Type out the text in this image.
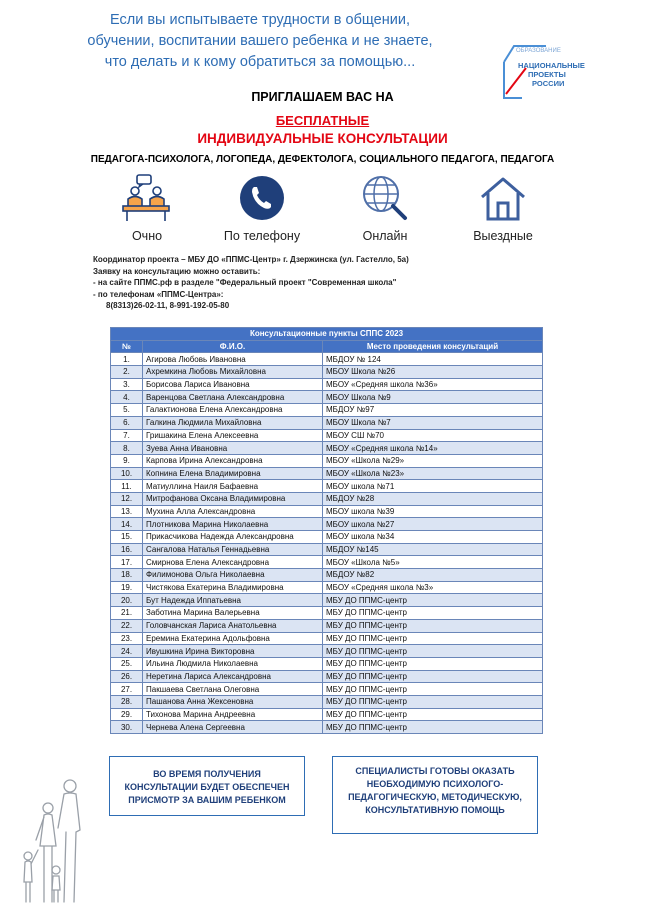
Если вы испытываете трудности в общении,
обучении, воспитании вашего ребенка и не знаете,
что делать и к кому обратиться за помощью...
ОБРАЗОВАНИЕ
НАЦИОНАЛЬНЫЕ
ПРОЕКТЫ
РОССИИ
ПРИГЛАШАЕМ ВАС НА
БЕСПЛАТНЫЕ
ИНДИВИДУАЛЬНЫЕ КОНСУЛЬТАЦИИ
ПЕДАГОГА-ПСИХОЛОГА, ЛОГОПЕДА, ДЕФЕКТОЛОГА, СОЦИАЛЬНОГО ПЕДАГОГА, ПЕДАГОГА
Очно	По телефону	Онлайн	Выездные
Координатор проекта – МБУ ДО «ППМС-Центр» г. Дзержинска (ул. Гастелло, 5а)
Заявку на консультацию можно оставить:
- на сайте ППМС.рф в разделе "Федеральный проект "Современная школа"
- по телефонам «ППМС-Центра»:
8(8313)26-02-11, 8-991-192-05-80
Консультационные пункты СППС 2023		
№	Ф.И.О.	Место проведения консультаций
1.	Агирова Любовь Ивановна	МБДОУ № 124
2.	Ахремкина Любовь Михайловна	МБОУ Школа №26
3.	Борисова Лариса Ивановна	МБОУ «Средняя школа №36»
4.	Варенцова Светлана Александровна	МБОУ Школа №9
5.	Галактионова Елена Александровна	МБДОУ №97
6.	Галкина Людмила Михайловна	МБОУ Школа №7
7.	Гришакина Елена Алексеевна	МБОУ СШ №70
8.	Зуева Анна Ивановна	МБОУ «Средняя школа №14»
9.	Карпова Ирина Александровна	МБОУ «Школа №29»
10.	Копнина Елена Владимировна	МБОУ «Школа №23»
11.	Матиуллина Наиля Бафаевна	МБОУ школа №71
12.	Митрофанова Оксана Владимировна	МБДОУ №28
13.	Мухина Алла Александровна	МБОУ школа №39
14.	Плотникова Марина Николаевна	МБОУ школа №27
15.	Прикасчикова Надежда Александровна	МБОУ школа №34
16.	Сангалова Наталья Геннадьевна	МБДОУ №145
17.	Смирнова Елена Александровна	МБОУ «Школа №5»
18.	Филимонова Ольга Николаевна	МБДОУ №82
19.	Чистякова Екатерина Владимировна	МБОУ «Средняя школа №3»
20.	Бут Надежда Иппатьевна	МБУ ДО ППМС-центр
21.	Заботина Марина Валерьевна	МБУ ДО ППМС-центр
22.	Головчанская Лариса Анатольевна	МБУ ДО ППМС-центр
23.	Еремина Екатерина Адольфовна	МБУ ДО ППМС-центр
24.	Ивушкина Ирина Викторовна	МБУ ДО ППМС-центр
25.	Ильина Людмила Николаевна	МБУ ДО ППМС-центр
26.	Неретина Лариса Александровна	МБУ ДО ППМС-центр
27.	Пакшаева Светлана Олеговна	МБУ ДО ППМС-центр
28.	Пашанова Анна Жексеновна	МБУ ДО ППМС-центр
29.	Тихонова Марина Андреевна	МБУ ДО ППМС-центр
30.	Чернева Алена Сергеевна	МБУ ДО ППМС-центр
ВО ВРЕМЯ ПОЛУЧЕНИЯ
КОНСУЛЬТАЦИИ БУДЕТ ОБЕСПЕЧЕН
ПРИСМОТР ЗА ВАШИМ РЕБЕНКОМ
СПЕЦИАЛИСТЫ ГОТОВЫ ОКАЗАТЬ
НЕОБХОДИМУЮ ПСИХОЛОГО-
ПЕДАГОГИЧЕСКУЮ, МЕТОДИЧЕСКУЮ,
КОНСУЛЬТАТИВНУЮ ПОМОЩЬ
